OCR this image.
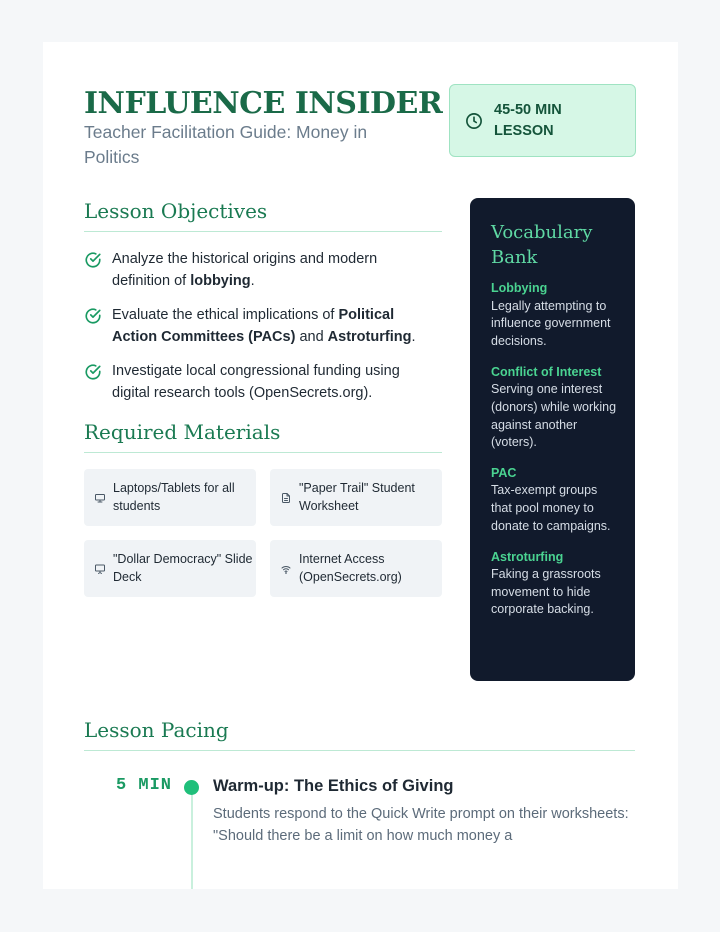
INFLUENCE INSIDER
Teacher Facilitation Guide: Money in Politics
45-50 MIN LESSON
Lesson Objectives
Analyze the historical origins and modern definition of lobbying.
Evaluate the ethical implications of Political Action Committees (PACs) and Astroturfing.
Investigate local congressional funding using digital research tools (OpenSecrets.org).
Required Materials
Laptops/Tablets for all students
"Paper Trail" Student Worksheet
"Dollar Democracy" Slide Deck
Internet Access (OpenSecrets.org)
Vocabulary Bank
Lobbying
Legally attempting to influence government decisions.
Conflict of Interest
Serving one interest (donors) while working against another (voters).
PAC
Tax-exempt groups that pool money to donate to campaigns.
Astroturfing
Faking a grassroots movement to hide corporate backing.
Lesson Pacing
5 MIN Warm-up: The Ethics of Giving
Students respond to the Quick Write prompt on their worksheets: "Should there be a limit on how much money a
